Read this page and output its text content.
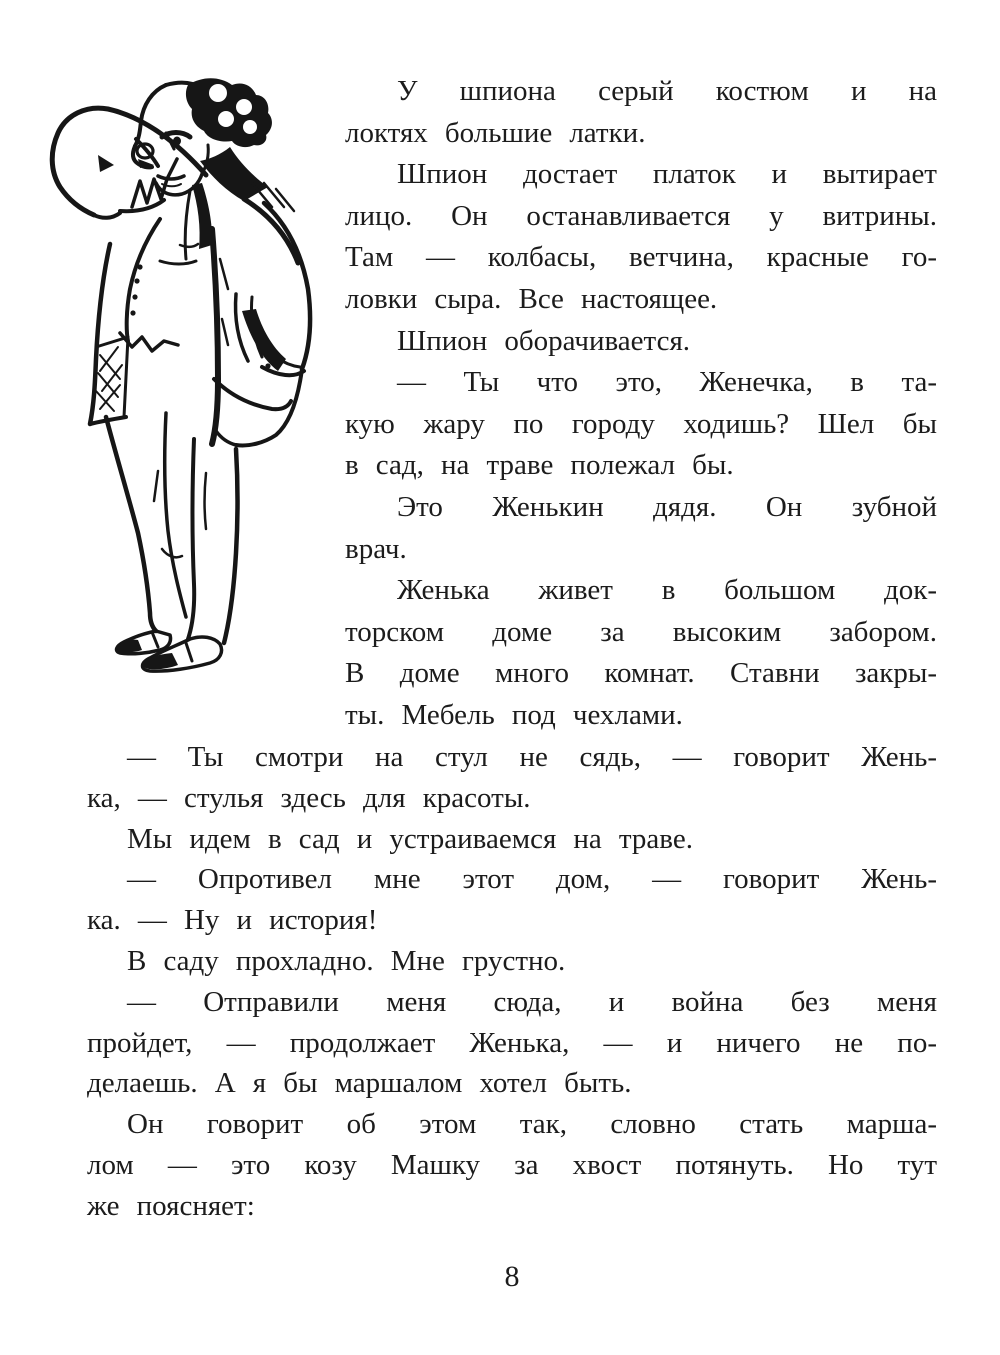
У шпиона серый костюм и на
локтях большие латки.
Шпион достает платок и вытирает
лицо. Он останавливается у витрины.
Там — колбасы, ветчина, красные го-
ловки сыра. Все настоящее.
Шпион оборачивается.
— Ты что это, Женечка, в та-
кую жару по городу ходишь? Шел бы
в сад, на траве полежал бы.
Это Женькин дядя. Он зубной
врач.
Женька живет в большом док-
торском доме за высоким забором.
В доме много комнат. Ставни закры-
ты. Мебель под чехлами.
— Ты смотри на стул не сядь, — говорит Жень-
ка, — стулья здесь для красоты.
Мы идем в сад и устраиваемся на траве.
— Опротивел мне этот дом, — говорит Жень-
ка. — Ну и история!
В саду прохладно. Мне грустно.
— Отправили меня сюда, и война без меня
пройдет, — продолжает Женька, — и ничего не по-
делаешь. А я бы маршалом хотел быть.
Он говорит об этом так, словно стать марша-
лом — это козу Машку за хвост потянуть. Но тут
же поясняет:
8
